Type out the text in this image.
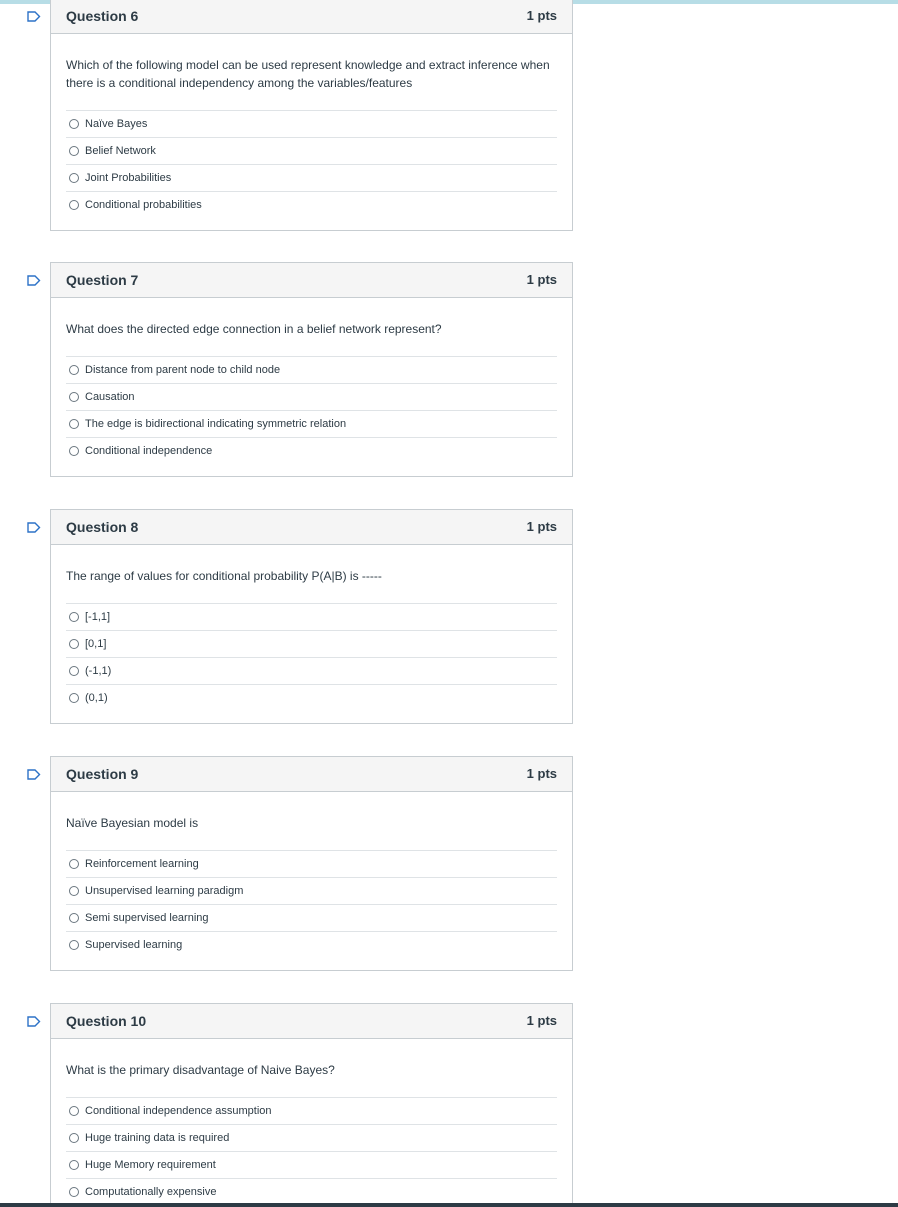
Question 6	1 pts
Which of the following model can be used represent knowledge and extract inference when there is a conditional independency among the variables/features
Naïve Bayes
Belief Network
Joint Probabilities
Conditional probabilities
Question 7	1 pts
What does the directed edge connection in a belief network represent?
Distance from parent node to child node
Causation
The edge is bidirectional indicating symmetric relation
Conditional independence
Question 8	1 pts
The range of values for conditional probability P(A|B) is -----
[-1,1]
[0,1]
(-1,1)
(0,1)
Question 9	1 pts
Naïve Bayesian model is
Reinforcement learning
Unsupervised learning paradigm
Semi supervised learning
Supervised learning
Question 10	1 pts
What is the primary disadvantage of Naive Bayes?
Conditional independence assumption
Huge training data is required
Huge Memory requirement
Computationally expensive
